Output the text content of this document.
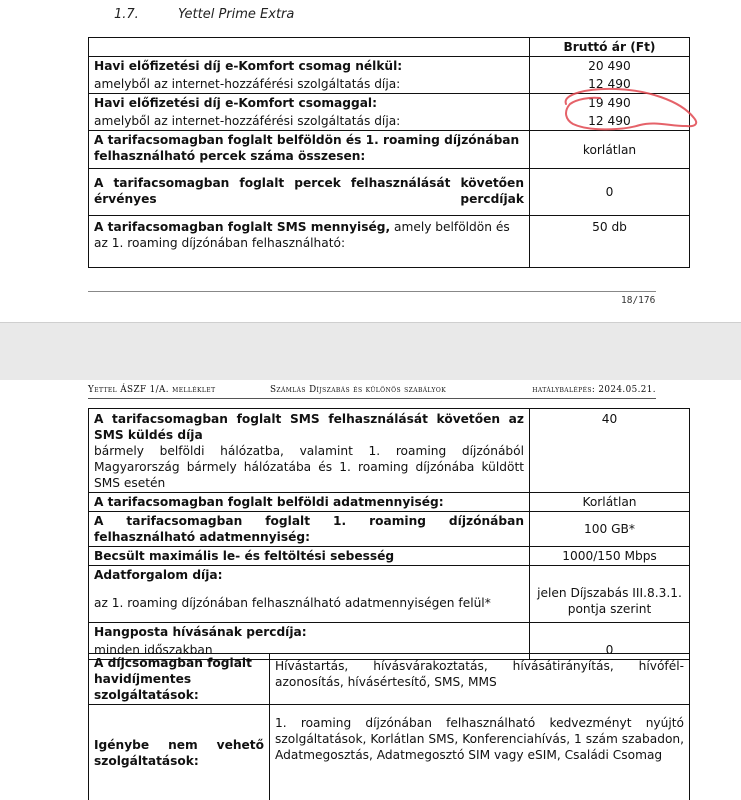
1.7.	Yettel Prime Extra
	Bruttó ár (Ft)
Havi előfizetési díj e-Komfort csomag nélkül:	20 490
amelyből az internet-hozzáférési szolgáltatás díja:	12 490
Havi előfizetési díj e-Komfort csomaggal:	19 490
amelyből az internet-hozzáférési szolgáltatás díja:	12 490
A tarifacsomagban foglalt belföldön és 1. roaming díjzónában felhasználható percek száma összesen:	korlátlan

A tarifacsomagban foglalt percek felhasználását követően érvényes percdíjak	0
A tarifacsomagban foglalt SMS mennyiség, amely belföldön és az 1. roaming díjzónában felhasználható:	50 db
18/176
Yettel ÁSZF 1/A. melléklet	Számlás Díjszabás és különös szabályok	hatálybalépés: 2024.05.21.
A tarifacsomagban foglalt SMS felhasználását követően az SMS küldés díja
bármely belföldi hálózatba, valamint 1. roaming díjzónából Magyarország bármely hálózatába és 1. roaming díjzónába küldött SMS esetén	40
A tarifacsomagban foglalt belföldi adatmennyiség:	Korlátlan
A tarifacsomagban foglalt 1. roaming díjzónában felhasználható adatmennyiség:	100 GB*
Becsült maximális le- és feltöltési sebesség	1000/150 Mbps
Adatforgalom díja:	
az 1. roaming díjzónában felhasználható adatmennyiségen felül*	jelen Díjszabás III.8.3.1. pontja szerint
Hangposta hívásának percdíja:	
minden időszakban	0
A díjcsomagban foglalt havidíjmentes szolgáltatások:	Hívástartás, hívásvárakoztatás, hívásátirányítás, hívófél-azonosítás, hívásértesítő, SMS, MMS

Igénybe nem vehető szolgáltatások:	1. roaming díjzónában felhasználható kedvezményt nyújtó szolgáltatások, Korlátlan SMS, Konferenciahívás, 1 szám szabadon, Adatmegosztás, Adatmegosztó SIM vagy eSIM, Családi Csomag
